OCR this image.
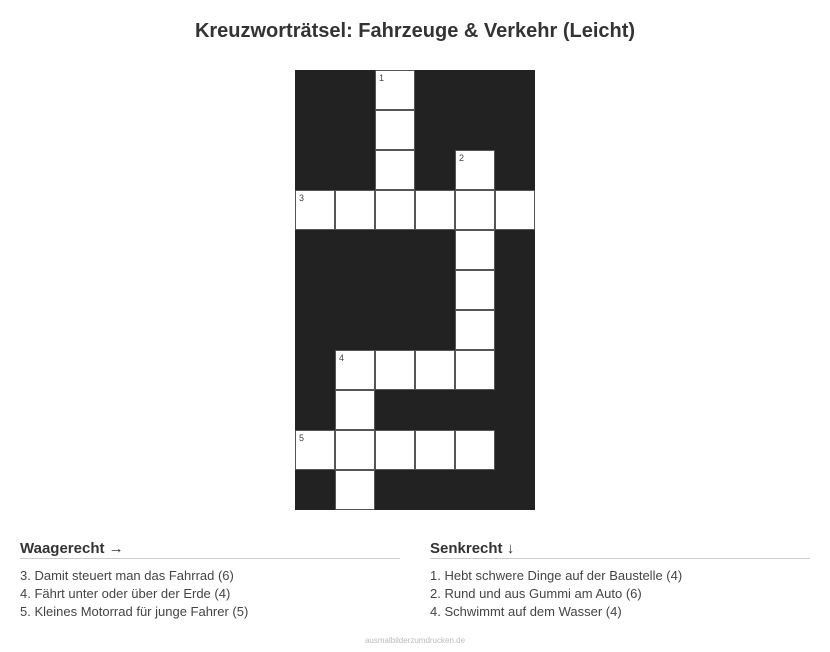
Kreuzworträtsel: Fahrzeuge & Verkehr (Leicht)
1
2
3
4
5
Waagerecht →
3. Damit steuert man das Fahrrad (6)
4. Fährt unter oder über der Erde (4)
5. Kleines Motorrad für junge Fahrer (5)
Senkrecht ↓
1. Hebt schwere Dinge auf der Baustelle (4)
2. Rund und aus Gummi am Auto (6)
4. Schwimmt auf dem Wasser (4)
ausmalbilderzumdrucken.de
